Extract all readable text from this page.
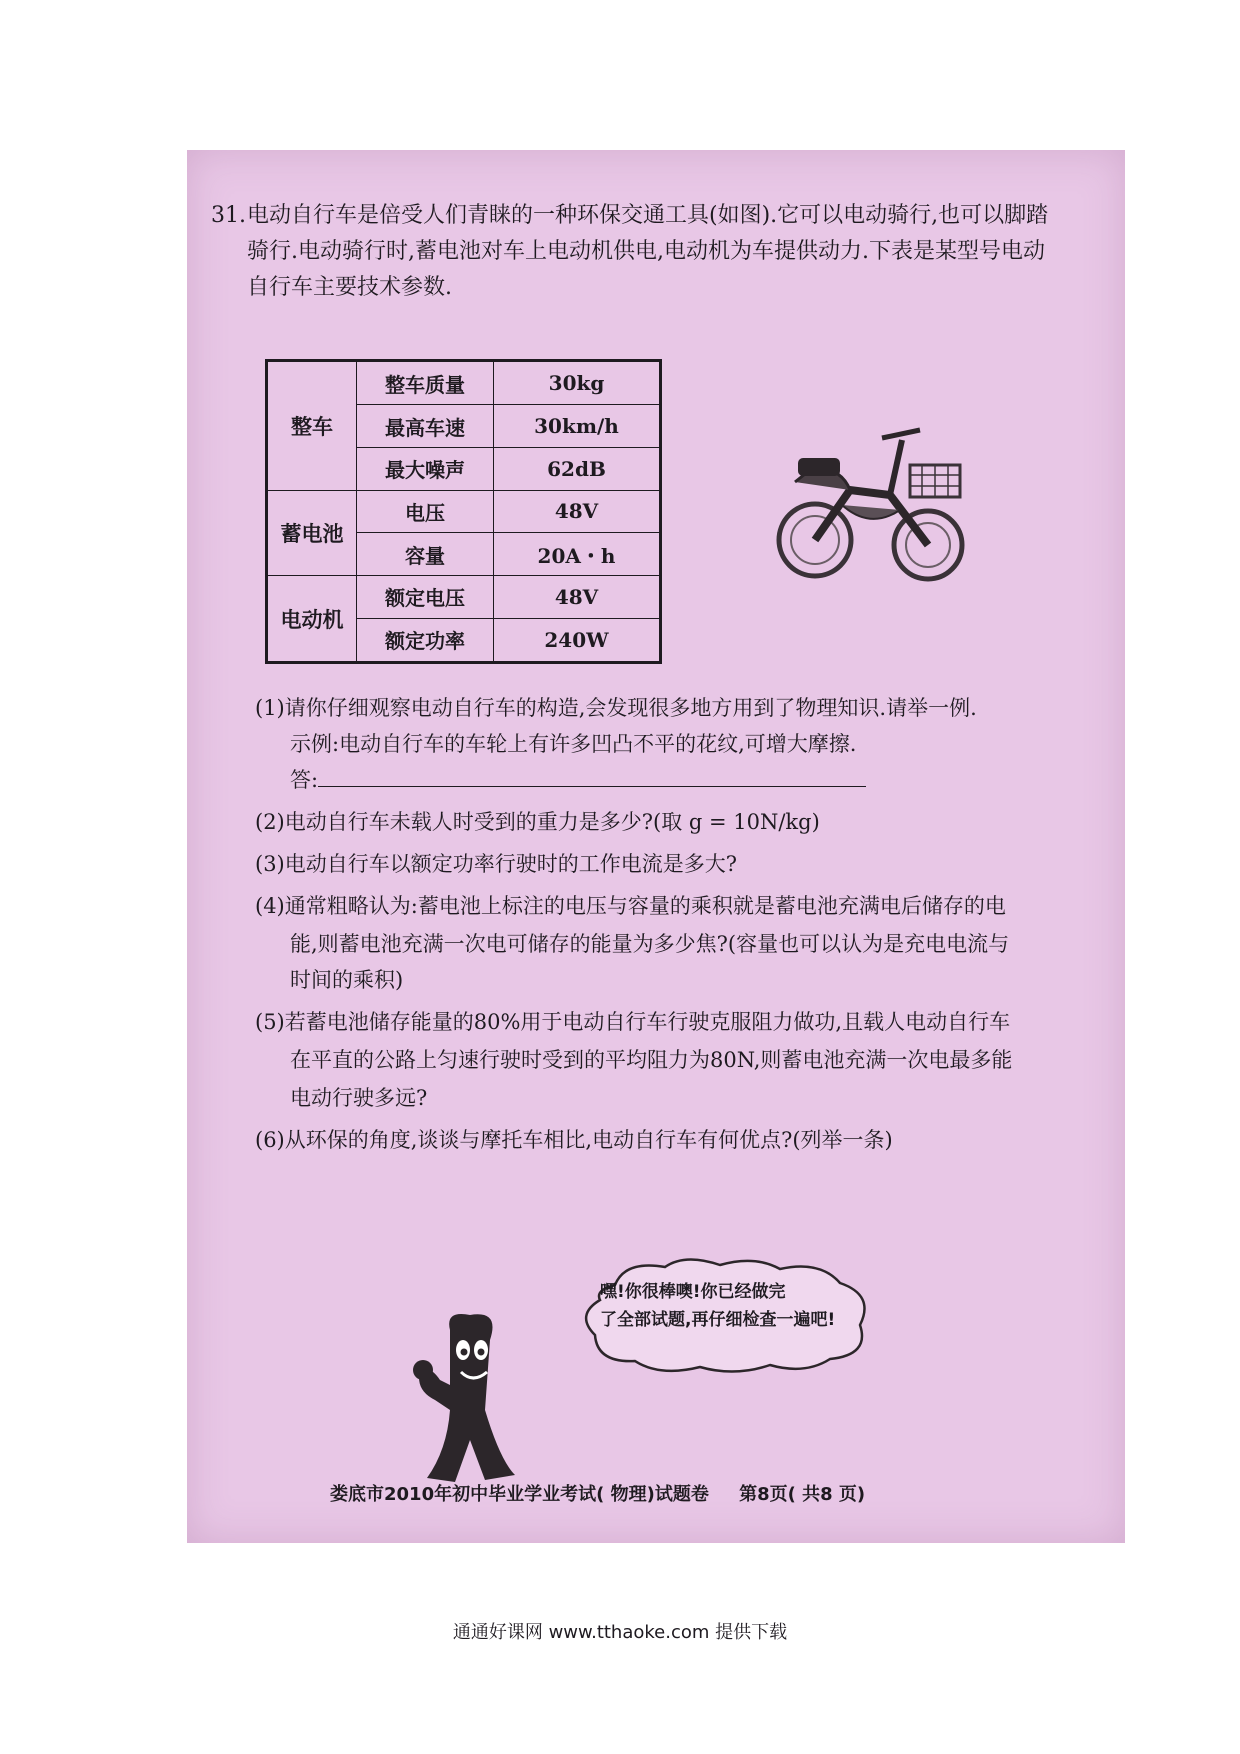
31. 电动自行车是倍受人们青睐的一种环保交通工具(如图).它可以电动骑行,也可以脚踏
骑行.电动骑行时,蓄电池对车上电动机供电,电动机为车提供动力.下表是某型号电动
自行车主要技术参数.
整车	整车质量	30kg
	最高车速	30km/h
	最大噪声	62dB
蓄电池	电压	48V
	容量	20A・h
电动机	额定电压	48V
	额定功率	240W
(1)请你仔细观察电动自行车的构造,会发现很多地方用到了物理知识.请举一例.
示例:电动自行车的车轮上有许多凹凸不平的花纹,可增大摩擦.
答:
(2)电动自行车未载人时受到的重力是多少?(取 g = 10N/kg)
(3)电动自行车以额定功率行驶时的工作电流是多大?
(4)通常粗略认为:蓄电池上标注的电压与容量的乘积就是蓄电池充满电后储存的电
能,则蓄电池充满一次电可储存的能量为多少焦?(容量也可以认为是充电电流与
时间的乘积)
(5)若蓄电池储存能量的80%用于电动自行车行驶克服阻力做功,且载人电动自行车
在平直的公路上匀速行驶时受到的平均阻力为80N,则蓄电池充满一次电最多能
电动行驶多远?
(6)从环保的角度,谈谈与摩托车相比,电动自行车有何优点?(列举一条)
嘿!你很棒噢!你已经做完
了全部试题,再仔细检查一遍吧!
娄底市2010年初中毕业学业考试( 物理)试题卷 第8页( 共8 页)
通通好课网 www.tthaoke.com 提供下载
